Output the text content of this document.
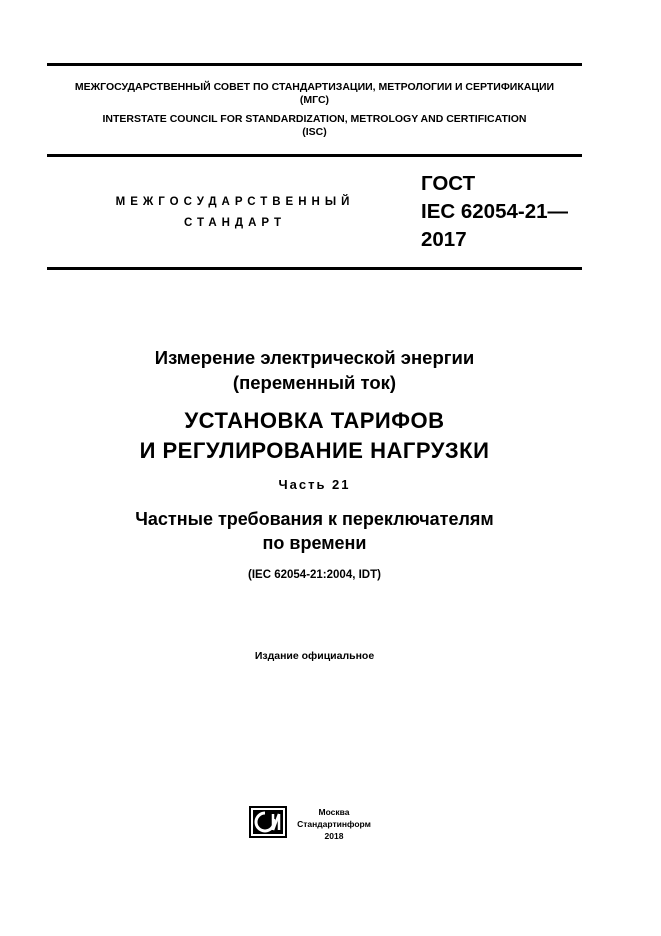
МЕЖГОСУДАРСТВЕННЫЙ СОВЕТ ПО СТАНДАРТИЗАЦИИ, МЕТРОЛОГИИ И СЕРТИФИКАЦИИ
(МГС)
INTERSTATE COUNCIL FOR STANDARDIZATION, METROLOGY AND CERTIFICATION
(ISC)
МЕЖГОСУДАРСТВЕННЫЙ
СТАНДАРТ
ГОСТ
IEC 62054-21—
2017
Измерение электрической энергии
(переменный ток)
УСТАНОВКА ТАРИФОВ
И РЕГУЛИРОВАНИЕ НАГРУЗКИ
Часть 21
Частные требования к переключателям
по времени
(IEC 62054-21:2004, IDT)
Издание официальное
Москва
Стандартинформ
2018
